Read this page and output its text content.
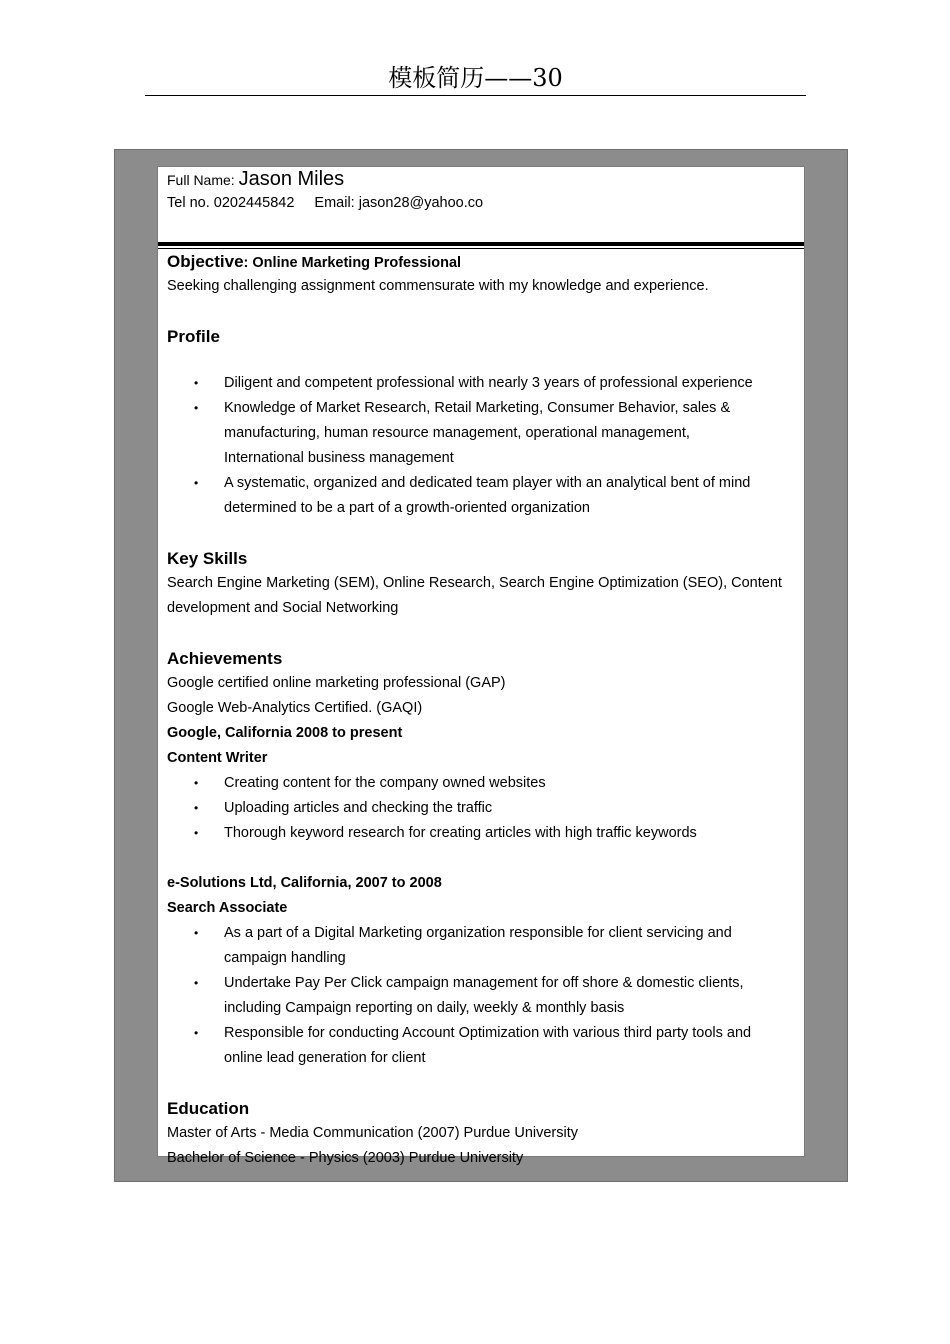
模板简历——30
Full Name: Jason Miles
Tel no. 0202445842 Email: jason28@yahoo.co
Objective: Online Marketing Professional
Seeking challenging assignment commensurate with my knowledge and experience.
Profile
• Diligent and competent professional with nearly 3 years of professional experience
• Knowledge of Market Research, Retail Marketing, Consumer Behavior, sales &
manufacturing, human resource management, operational management,
International business management
• A systematic, organized and dedicated team player with an analytical bent of mind
determined to be a part of a growth-oriented organization
Key Skills
Search Engine Marketing (SEM), Online Research, Search Engine Optimization (SEO), Content
development and Social Networking
Achievements
Google certified online marketing professional (GAP)
Google Web-Analytics Certified. (GAQI)
Google, California 2008 to present
Content Writer
• Creating content for the company owned websites
• Uploading articles and checking the traffic
• Thorough keyword research for creating articles with high traffic keywords
e-Solutions Ltd, California, 2007 to 2008
Search Associate
• As a part of a Digital Marketing organization responsible for client servicing and
campaign handling
• Undertake Pay Per Click campaign management for off shore & domestic clients,
including Campaign reporting on daily, weekly & monthly basis
• Responsible for conducting Account Optimization with various third party tools and
online lead generation for client
Education
Master of Arts - Media Communication (2007) Purdue University
Bachelor of Science - Physics (2003) Purdue University
